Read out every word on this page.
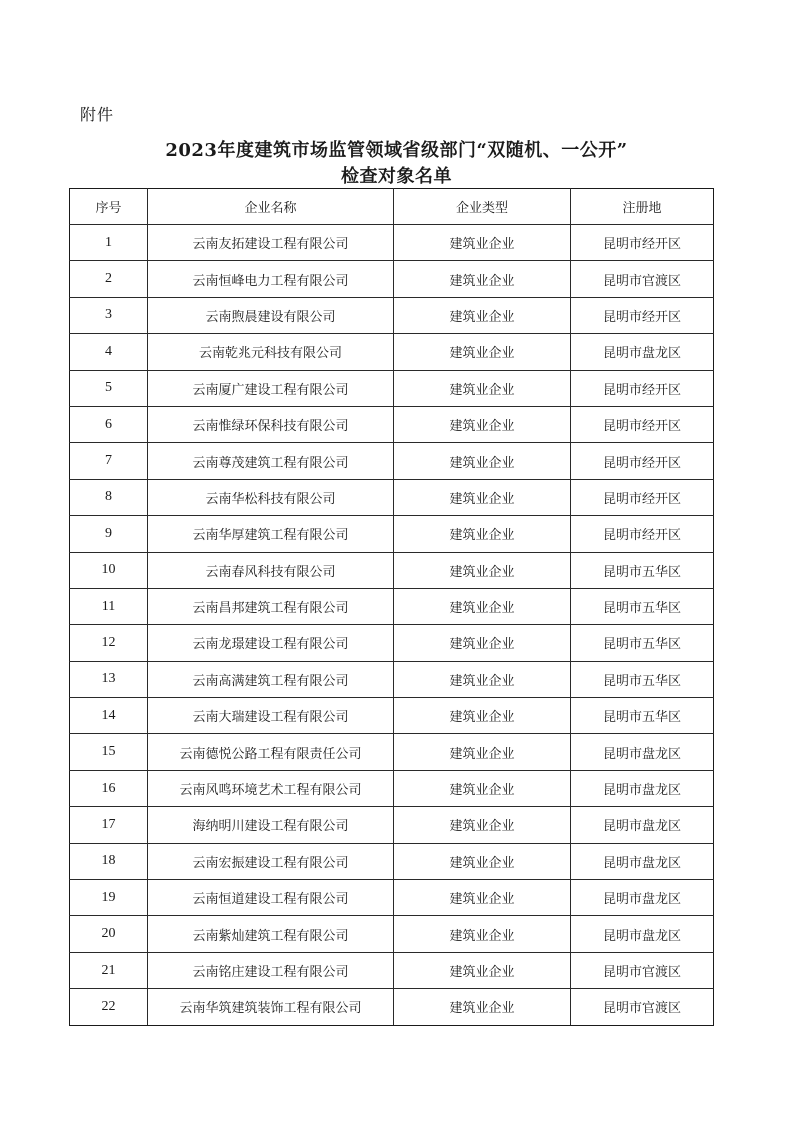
附件
2023年度建筑市场监管领域省级部门“双随机、一公开”
检查对象名单
序号	企业名称	企业类型	注册地
1	云南友拓建设工程有限公司	建筑业企业	昆明市经开区
2	云南恒峰电力工程有限公司	建筑业企业	昆明市官渡区
3	云南煦晨建设有限公司	建筑业企业	昆明市经开区
4	云南乾兆元科技有限公司	建筑业企业	昆明市盘龙区
5	云南厦广建设工程有限公司	建筑业企业	昆明市经开区
6	云南惟绿环保科技有限公司	建筑业企业	昆明市经开区
7	云南尊茂建筑工程有限公司	建筑业企业	昆明市经开区
8	云南华松科技有限公司	建筑业企业	昆明市经开区
9	云南华厚建筑工程有限公司	建筑业企业	昆明市经开区
10	云南春风科技有限公司	建筑业企业	昆明市五华区
11	云南昌邦建筑工程有限公司	建筑业企业	昆明市五华区
12	云南龙璟建设工程有限公司	建筑业企业	昆明市五华区
13	云南高满建筑工程有限公司	建筑业企业	昆明市五华区
14	云南大瑞建设工程有限公司	建筑业企业	昆明市五华区
15	云南德悦公路工程有限责任公司	建筑业企业	昆明市盘龙区
16	云南风鸣环境艺术工程有限公司	建筑业企业	昆明市盘龙区
17	海纳明川建设工程有限公司	建筑业企业	昆明市盘龙区
18	云南宏振建设工程有限公司	建筑业企业	昆明市盘龙区
19	云南恒道建设工程有限公司	建筑业企业	昆明市盘龙区
20	云南紫灿建筑工程有限公司	建筑业企业	昆明市盘龙区
21	云南铭庄建设工程有限公司	建筑业企业	昆明市官渡区
22	云南华筑建筑装饰工程有限公司	建筑业企业	昆明市官渡区
